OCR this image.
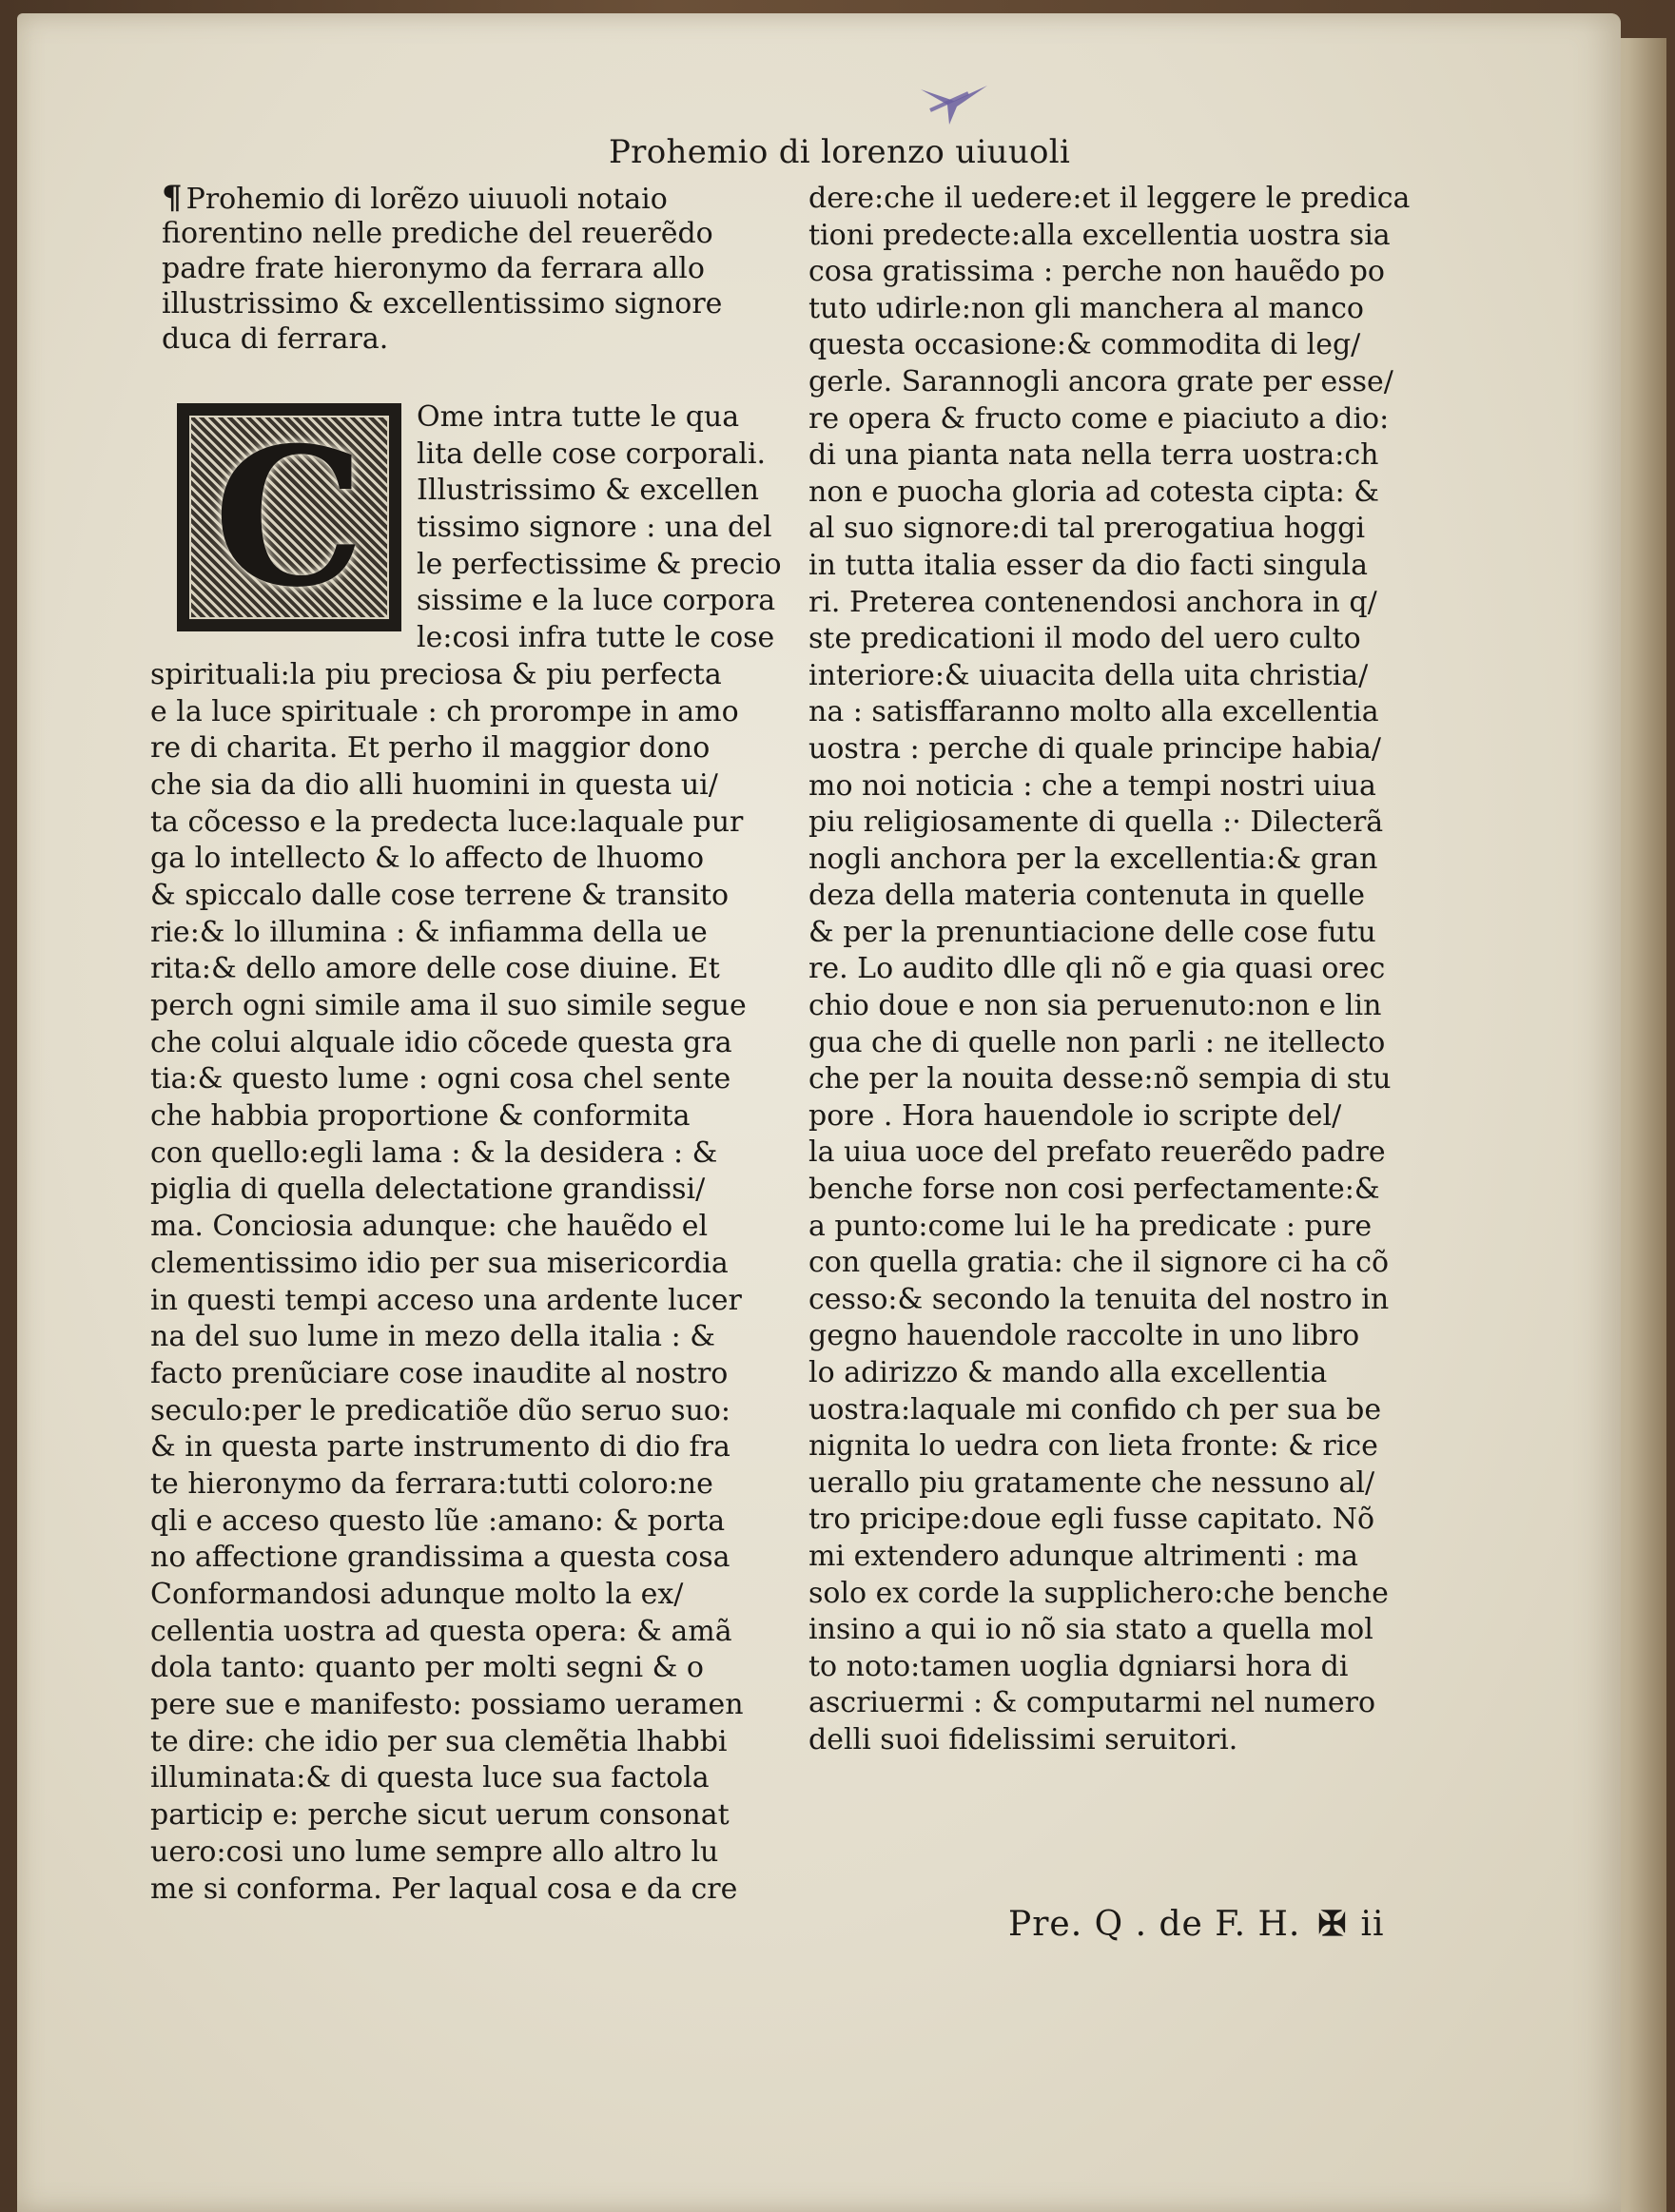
Prohemio di lorenzo uiuuoli
¶ Prohemio di lorẽzo uiuuoli notaio
fiorentino nelle prediche del reuerẽdo
padre frate hieronymo da ferrara allo
illustrissimo & excellentissimo signore
duca di ferrara.
C	Ome intra tutte le qua
lita delle cose corporali.
Illustrissimo & excellen
tissimo signore : una del
le perfectissime & precio
sissime e la luce corpora
le:cosi infra tutte le cose
spirituali:la piu preciosa & piu perfecta
e la luce spirituale : ch prorompe in amo
re di charita. Et perho il maggior dono
che sia da dio alli huomini in questa ui/
ta cõcesso e la predecta luce:laquale pur
ga lo intellecto & lo affecto de lhuomo
& spiccalo dalle cose terrene & transito
rie:& lo illumina : & infiamma della ue
rita:& dello amore delle cose diuine. Et
perch ogni simile ama il suo simile segue
che colui alquale idio cõcede questa gra
tia:& questo lume : ogni cosa chel sente
che habbia proportione & conformita
con quello:egli lama : & la desidera : &
piglia di quella delectatione grandissi/
ma. Conciosia adunque: che hauẽdo el
clementissimo idio per sua misericordia
in questi tempi acceso una ardente lucer
na del suo lume in mezo della italia : &
facto prenũciare cose inaudite al nostro
seculo:per le predicatiõe dũo seruo suo:
& in questa parte instrumento di dio fra
te hieronymo da ferrara:tutti coloro:ne
qli e acceso questo lũe :amano: & porta
no affectione grandissima a questa cosa
Conformandosi adunque molto la ex/
cellentia uostra ad questa opera: & amã
dola tanto: quanto per molti segni & o
pere sue e manifesto: possiamo ueramen
te dire: che idio per sua clemẽtia lhabbi
illuminata:& di questa luce sua factola
particip e: perche sicut uerum consonat
uero:cosi uno lume sempre allo altro lu
me si conforma. Per laqual cosa e da cre
dere:che il uedere:et il leggere le predica
tioni predecte:alla excellentia uostra sia
cosa gratissima : perche non hauẽdo po
tuto udirle:non gli manchera al manco
questa occasione:& commodita di leg/
gerle. Sarannogli ancora grate per esse/
re opera & fructo come e piaciuto a dio:
di una pianta nata nella terra uostra:ch
non e puocha gloria ad cotesta cipta: &
al suo signore:di tal prerogatiua hoggi
in tutta italia esser da dio facti singula
ri. Preterea contenendosi anchora in q/
ste predicationi il modo del uero culto
interiore:& uiuacita della uita christia/
na : satisffaranno molto alla excellentia
uostra : perche di quale principe habia/
mo noi noticia : che a tempi nostri uiua
piu religiosamente di quella :· Dilecterã
nogli anchora per la excellentia:& gran
deza della materia contenuta in quelle
& per la prenuntiacione delle cose futu
re. Lo audito dlle qli nõ e gia quasi orec
chio doue e non sia peruenuto:non e lin
gua che di quelle non parli : ne itellecto
che per la nouita desse:nõ sempia di stu
pore . Hora hauendole io scripte del/
la uiua uoce del prefato reuerẽdo padre
benche forse non cosi perfectamente:&
a punto:come lui le ha predicate : pure
con quella gratia: che il signore ci ha cõ
cesso:& secondo la tenuita del nostro in
gegno hauendole raccolte in uno libro
lo adirizzo & mando alla excellentia
uostra:laquale mi confido ch per sua be
nignita lo uedra con lieta fronte: & rice
uerallo piu gratamente che nessuno al/
tro pricipe:doue egli fusse capitato. Nõ
mi extendero adunque altrimenti : ma
solo ex corde la supplichero:che benche
insino a qui io nõ sia stato a quella mol
to noto:tamen uoglia dgniarsi hora di
ascriuermi : & computarmi nel numero
delli suoi fidelissimi seruitori.
Pre. Q . de F. H. ✠ ii
